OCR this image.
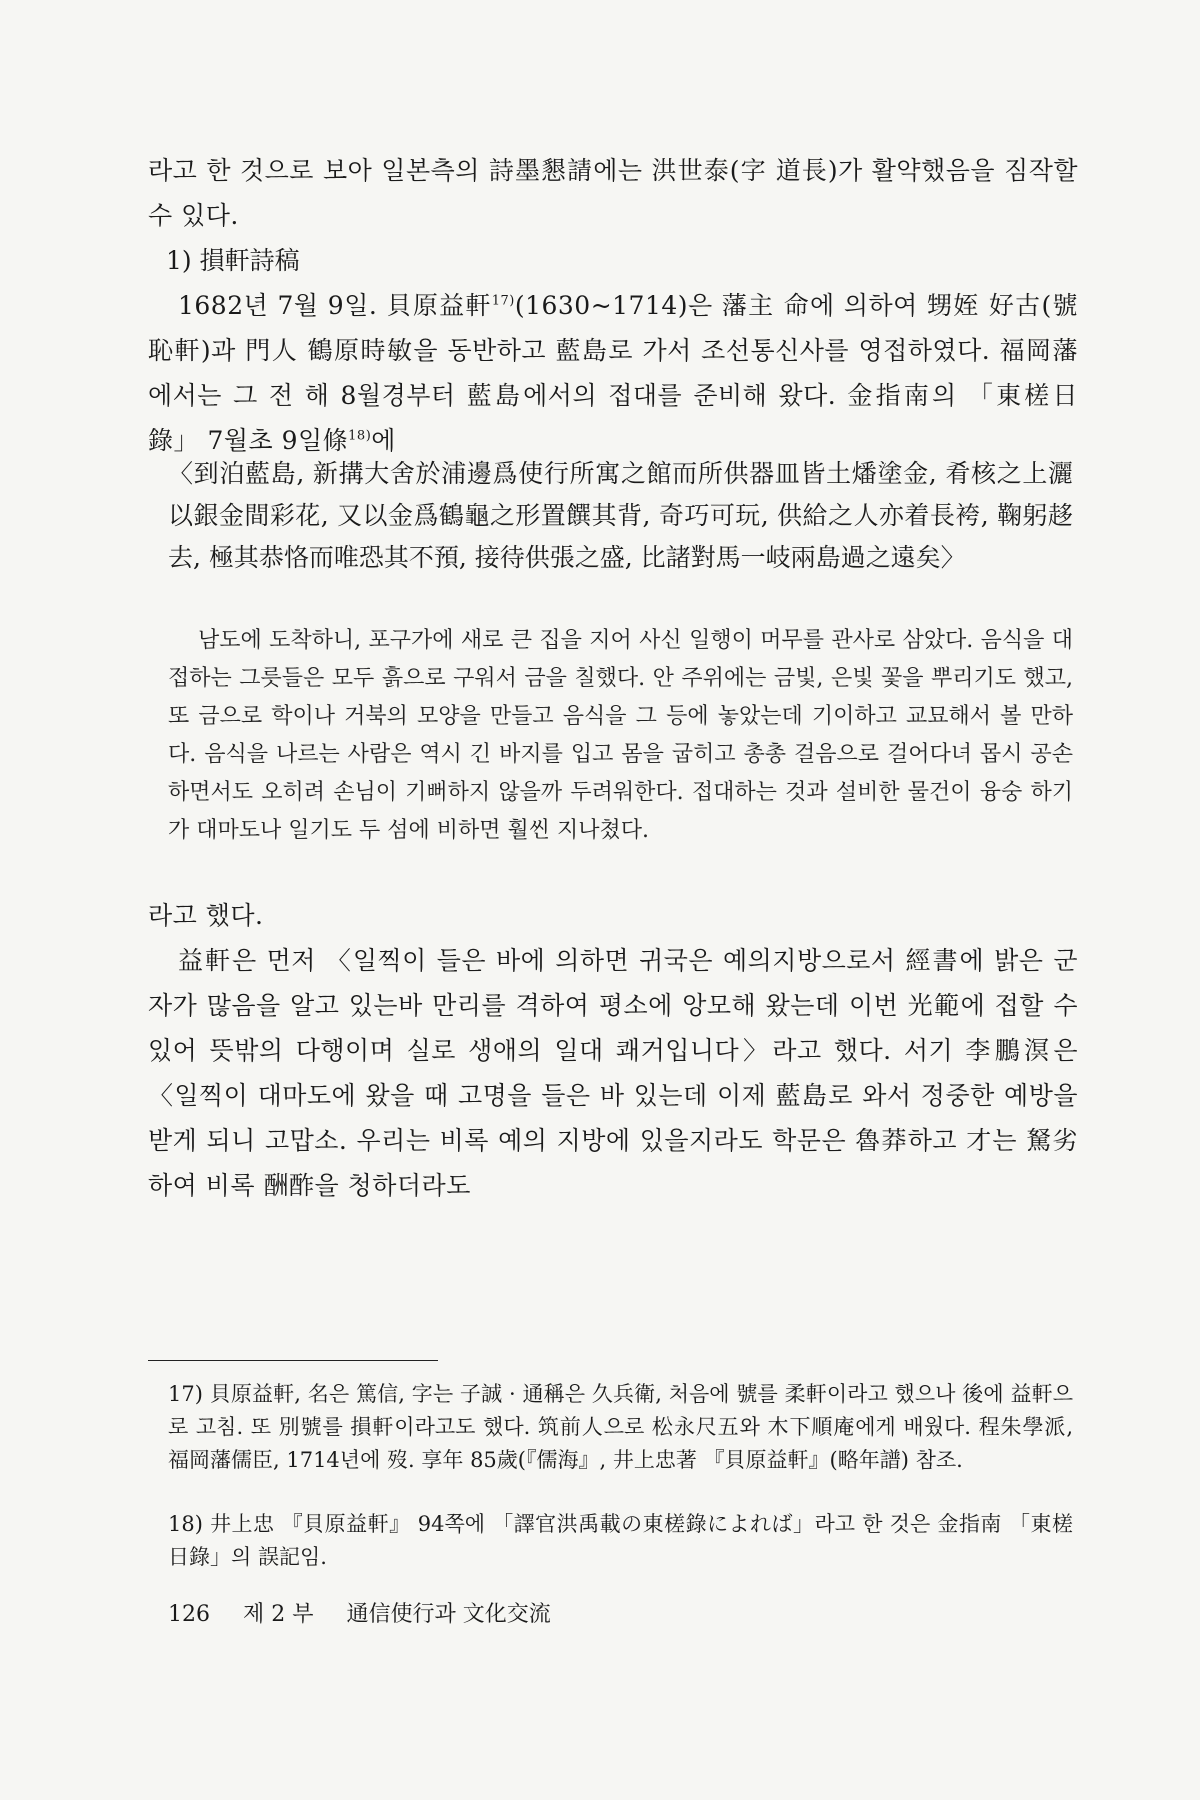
라고 한 것으로 보아 일본측의 詩墨懇請에는 洪世泰(字 道長)가 활약했음을 짐작할 수 있다.

1) 損軒詩稿

1682년 7월 9일. 貝原益軒$^{17)}$(1630~1714)은 藩主 命에 의하여 甥姪 好古(號 恥軒)과 門人 鶴原時敏을 동반하고 藍島로 가서 조선통신사를 영접하였다. 福岡藩에서는 그 전 해 8월경부터 藍島에서의 접대를 준비해 왔다. 金指南의 「東槎日錄」 7월초 9일條$^{18)}$에

〈到泊藍島, 新搆大舍於浦邊爲使行所寓之館而所供器皿皆土燔塗金, 肴核之上灑以銀金間彩花, 又以金爲鶴龜之形置饌其背, 奇巧可玩, 供給之人亦着長袴, 鞠躬趍去, 極其恭恪而唯恐其不預, 接待供張之盛, 比諸對馬一岐兩島過之遠矣〉

남도에 도착하니, 포구가에 새로 큰 집을 지어 사신 일행이 머무를 관사로 삼았다. 음식을 대접하는 그릇들은 모두 흙으로 구워서 금을 칠했다. 안 주위에는 금빛, 은빛 꽃을 뿌리기도 했고, 또 금으로 학이나 거북의 모양을 만들고 음식을 그 등에 놓았는데 기이하고 교묘해서 볼 만하다. 음식을 나르는 사람은 역시 긴 바지를 입고 몸을 굽히고 총총 걸음으로 걸어다녀 몹시 공손하면서도 오히려 손님이 기뻐하지 않을까 두려워한다. 접대하는 것과 설비한 물건이 융숭 하기가 대마도나 일기도 두 섬에 비하면 훨씬 지나쳤다.

라고 했다.

益軒은 먼저 〈일찍이 들은 바에 의하면 귀국은 예의지방으로서 經書에 밝은 군자가 많음을 알고 있는바 만리를 격하여 평소에 앙모해 왔는데 이번 光範에 접할 수 있어 뜻밖의 다행이며 실로 생애의 일대 쾌거입니다〉라고 했다. 서기 李鵬溟은 〈일찍이 대마도에 왔을 때 고명을 들은 바 있는데 이제 藍島로 와서 정중한 예방을 받게 되니 고맙소. 우리는 비록 예의 지방에 있을지라도 학문은 魯莽하고 才는 駑劣하여 비록 酬酢을 청하더라도

17) 貝原益軒, 名은 篤信, 字는 子誠 · 通稱은 久兵衛, 처음에 號를 柔軒이라고 했으나 後에 益軒으로 고침. 또 別號를 損軒이라고도 했다. 筑前人으로 松永尺五와 木下順庵에게 배웠다. 程朱學派, 福岡藩儒臣, 1714년에 歿. 享年 85歲(『儒海』, 井上忠著 『貝原益軒』(略年譜) 참조.

18) 井上忠 『貝原益軒』 94쪽에 「譯官洪禹載の東槎錄によれば」라고 한 것은 金指南 「東槎日錄」의 誤記임.

126 제 2 부 通信使行과 文化交流
